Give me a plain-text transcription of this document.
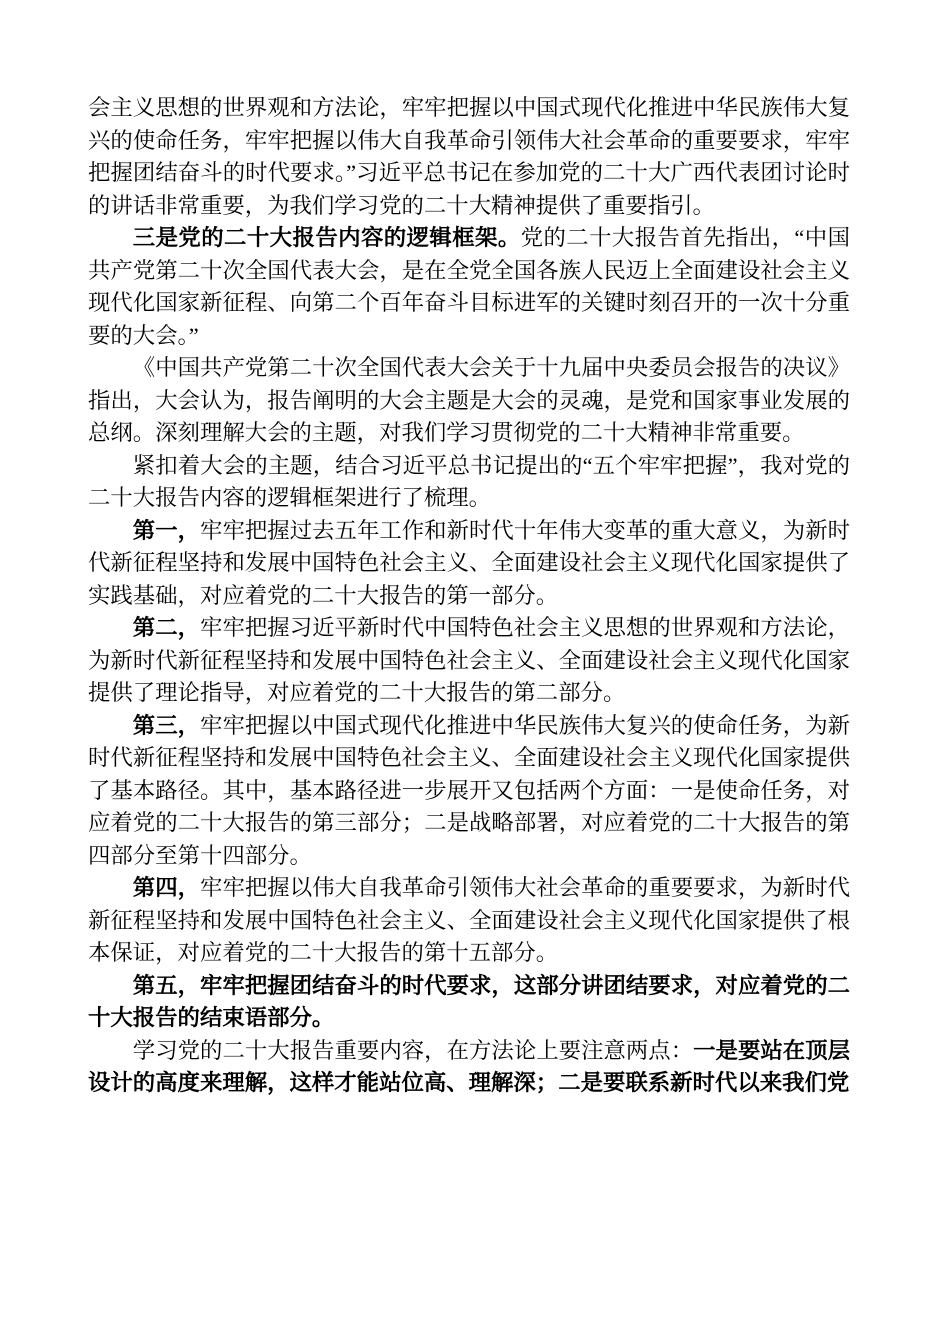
会主义思想的世界观和方法论，牢牢把握以中国式现代化推进中华民族伟大复兴的使命任务，牢牢把握以伟大自我革命引领伟大社会革命的重要要求，牢牢把握团结奋斗的时代要求。”习近平总书记在参加党的二十大广西代表团讨论时的讲话非常重要，为我们学习党的二十大精神提供了重要指引。

三是党的二十大报告内容的逻辑框架。党的二十大报告首先指出，“中国共产党第二十次全国代表大会，是在全党全国各族人民迈上全面建设社会主义现代化国家新征程、向第二个百年奋斗目标进军的关键时刻召开的一次十分重要的大会。”

《中国共产党第二十次全国代表大会关于十九届中央委员会报告的决议》指出，大会认为，报告阐明的大会主题是大会的灵魂，是党和国家事业发展的总纲。深刻理解大会的主题，对我们学习贯彻党的二十大精神非常重要。

紧扣着大会的主题，结合习近平总书记提出的“五个牢牢把握”，我对党的二十大报告内容的逻辑框架进行了梳理。

第一，牢牢把握过去五年工作和新时代十年伟大变革的重大意义，为新时代新征程坚持和发展中国特色社会主义、全面建设社会主义现代化国家提供了实践基础，对应着党的二十大报告的第一部分。

第二，牢牢把握习近平新时代中国特色社会主义思想的世界观和方法论，为新时代新征程坚持和发展中国特色社会主义、全面建设社会主义现代化国家提供了理论指导，对应着党的二十大报告的第二部分。

第三，牢牢把握以中国式现代化推进中华民族伟大复兴的使命任务，为新时代新征程坚持和发展中国特色社会主义、全面建设社会主义现代化国家提供了基本路径。其中，基本路径进一步展开又包括两个方面：一是使命任务，对应着党的二十大报告的第三部分；二是战略部署，对应着党的二十大报告的第四部分至第十四部分。

第四，牢牢把握以伟大自我革命引领伟大社会革命的重要要求，为新时代新征程坚持和发展中国特色社会主义、全面建设社会主义现代化国家提供了根本保证，对应着党的二十大报告的第十五部分。

第五，牢牢把握团结奋斗的时代要求，这部分讲团结要求，对应着党的二十大报告的结束语部分。

学习党的二十大报告重要内容，在方法论上要注意两点：一是要站在顶层设计的高度来理解，这样才能站位高、理解深；二是要联系新时代以来我们党
